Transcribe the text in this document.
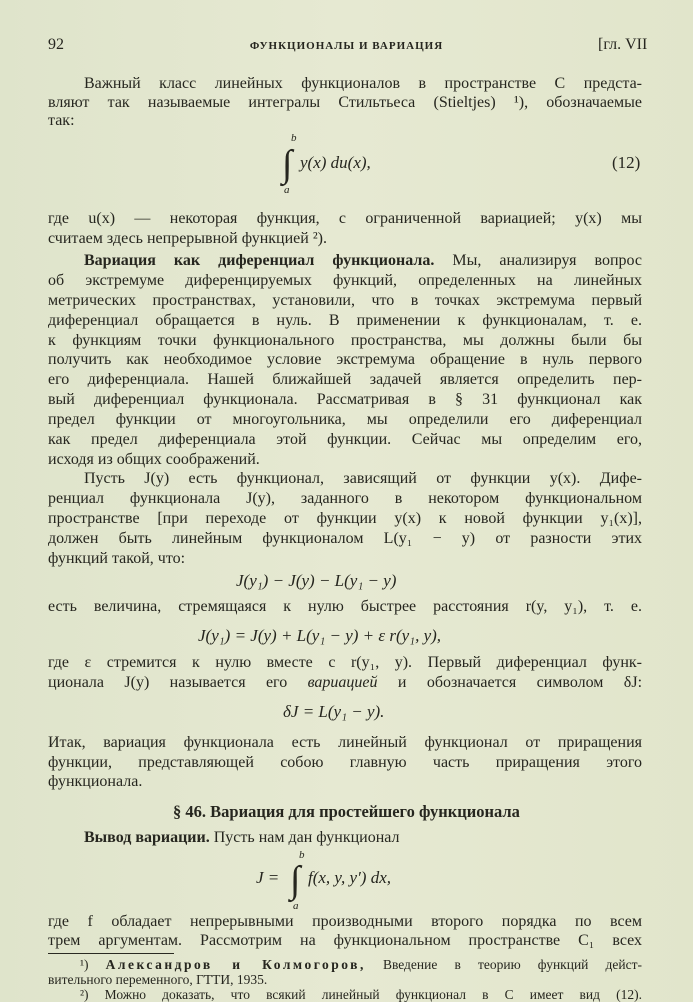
92	ФУНКЦИОНАЛЫ И ВАРИАЦИЯ	[гл. VII
Важный класс линейных функционалов в пространстве C предста-
вляют так называемые интегралы Стильтьеса (Stieltjes) ¹), обозначаемые
так:
b
∫ y(x) du(x),
a
(12)
где u(x) — некоторая функция, с ограниченной вариацией; y(x) мы
считаем здесь непрерывной функцией ²).
Вариация как диференциал функционала. Мы, анализируя вопрос
об экстремуме диференцируемых функций, определенных на линейных
метрических пространствах, установили, что в точках экстремума первый
диференциал обращается в нуль. В применении к функционалам, т. е.
к функциям точки функционального пространства, мы должны были бы
получить как необходимое условие экстремума обращение в нуль первого
его диференциала. Нашей ближайшей задачей является определить пер-
вый диференциал функционала. Рассматривая в § 31 функционал как
предел функции от многоугольника, мы определили его диференциал
как предел диференциала этой функции. Сейчас мы определим его,
исходя из общих соображений.
Пусть J(y) есть функционал, зависящий от функции y(x). Дифе-
ренциал функционала J(y), заданного в некотором функциональном
пространстве [при переходе от функции y(x) к новой функции y₁(x)],
должен быть линейным функционалом L(y₁ − y) от разности этих
функций такой, что:
J(y₁) − J(y) − L(y₁ − y)
есть величина, стремящаяся к нулю быстрее расстояния r(y, y₁), т. е.
J(y₁) = J(y) + L(y₁ − y) + ε r(y₁, y),
где ε стремится к нулю вместе с r(y₁, y). Первый диференциал функ-
ционала J(y) называется его вариацией и обозначается символом δJ:
δJ = L(y₁ − y).
Итак, вариация функционала есть линейный функционал от приращения
функции, представляющей собою главную часть приращения этого
функционала.
§ 46. Вариация для простейшего функционала
Вывод вариации. Пусть нам дан функционал
J =
b
∫ f(x, y, y′) dx,
a
где f обладает непрерывными производными второго порядка по всем
трем аргументам. Рассмотрим на функциональном пространстве C₁ всех
¹) Александров и Колмогоров, Введение в теорию функций дейст-
вительного переменного, ГТТИ, 1935.
²) Можно доказать, что всякий линейный функционал в C имеет вид (12).
